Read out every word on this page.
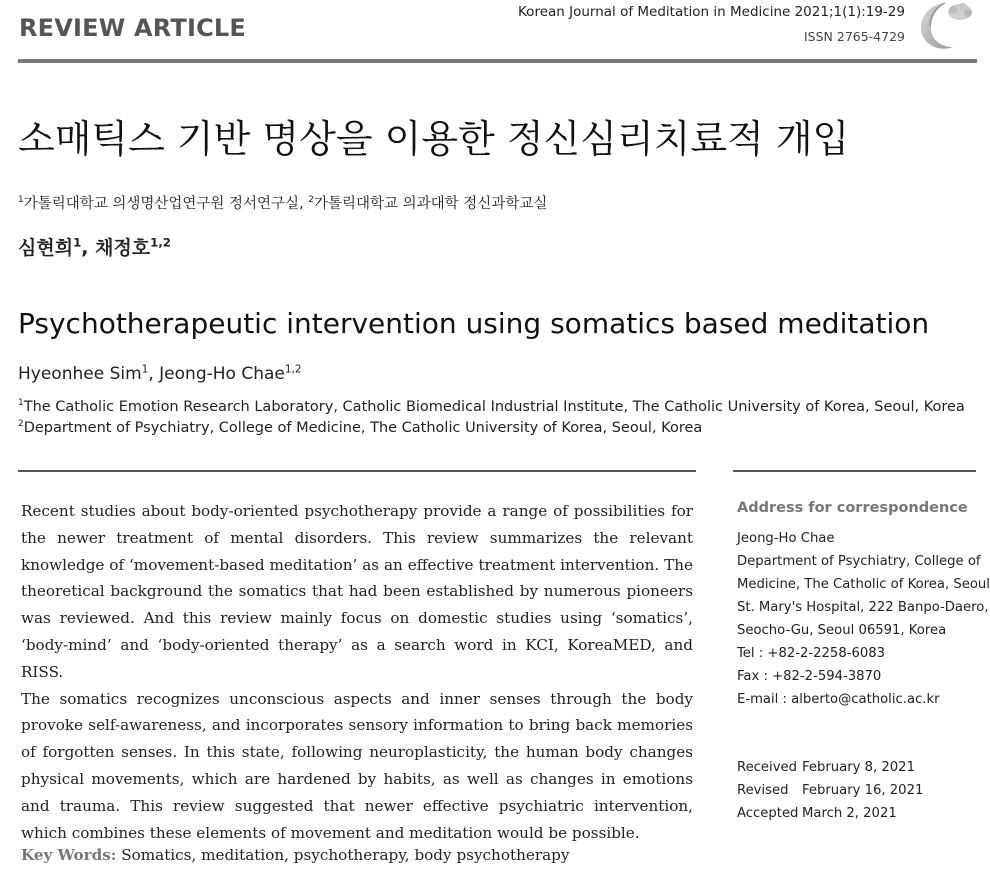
REVIEW ARTICLE
Korean Journal of Meditation in Medicine 2021;1(1):19-29
ISSN 2765-4729
소매틱스 기반 명상을 이용한 정신심리치료적 개입
$^1$가톨릭대학교 의생명산업연구원 정서연구실, $^2$가톨릭대학교 의과대학 정신과학교실
심현희$^1$, 채정호$^{1,2}$
Psychotherapeutic intervention using somatics based meditation
Hyeonhee Sim$^1$, Jeong-Ho Chae$^{1,2}$
$^1$The Catholic Emotion Research Laboratory, Catholic Biomedical Industrial Institute, The Catholic University of Korea, Seoul, Korea
$^2$Department of Psychiatry, College of Medicine, The Catholic University of Korea, Seoul, Korea

Recent studies about body-oriented psychotherapy provide a range of possibilities for the newer treatment of mental disorders. This review summarizes the relevant knowledge of ‘movement-based meditation’ as an effective treatment intervention. The theoretical background the somatics that had been established by numerous pioneers was reviewed. And this review mainly focus on domestic studies using ‘somatics’, ‘body-mind’ and ‘body-oriented therapy’ as a search word in KCI, KoreaMED, and RISS.

The somatics recognizes unconscious aspects and inner senses through the body provoke self-awareness, and incorporates sensory information to bring back memories of forgotten senses. In this state, following neuroplasticity, the human body changes physical movements, which are hardened by habits, as well as changes in emotions and trauma. This review suggested that newer effective psychiatric intervention, which combines these elements of movement and meditation would be possible.

Key Words: Somatics, meditation, psychotherapy, body psychotherapy
Address for correspondence
Jeong-Ho Chae
Department of Psychiatry, College of
Medicine, The Catholic of Korea, Seoul
St. Mary's Hospital, 222 Banpo-Daero,
Seocho-Gu, Seoul 06591, Korea
Tel : +82-2-2258-6083
Fax : +82-2-594-3870
E-mail : alberto@catholic.ac.kr
Received February 8, 2021
Revised	February 16, 2021
Accepted March 2, 2021
